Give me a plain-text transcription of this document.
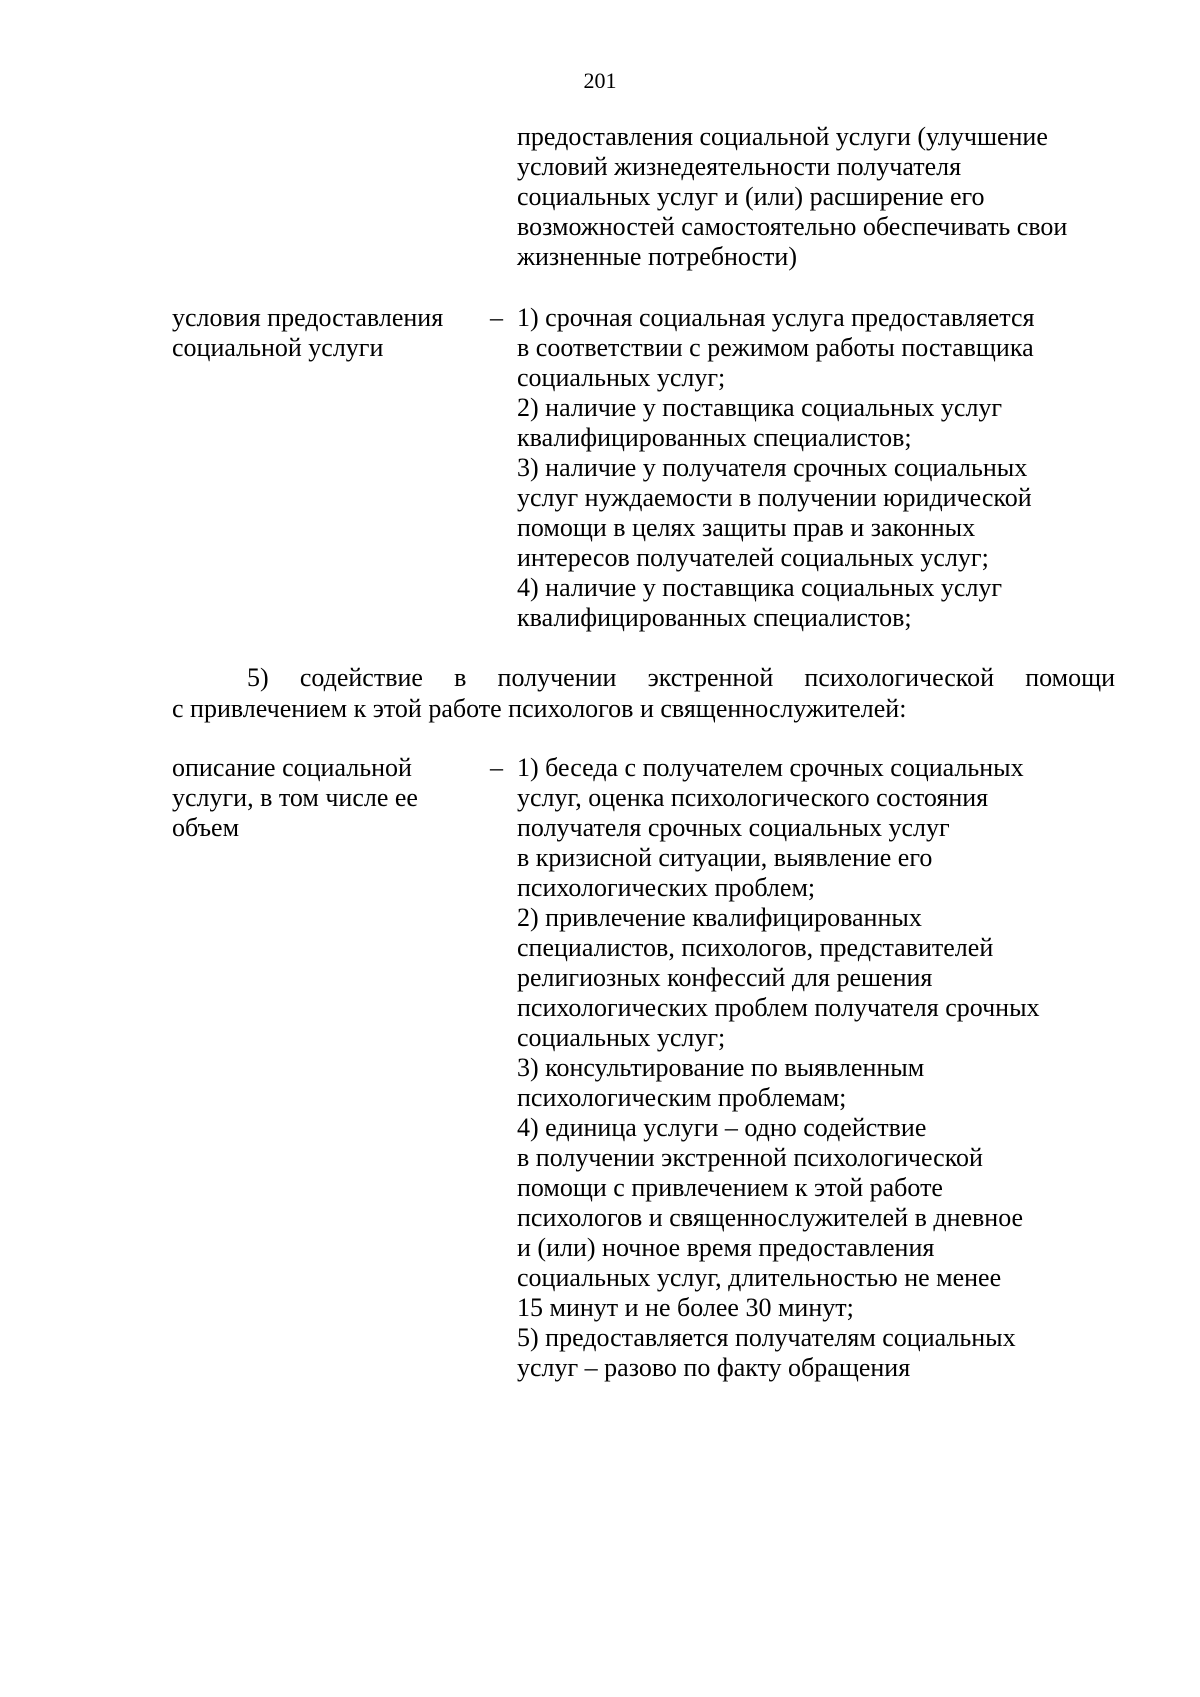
201
предоставления социальной услуги (улучшение
условий жизнедеятельности получателя
социальных услуг и (или) расширение его
возможностей самостоятельно обеспечивать свои
жизненные потребности)
условия предоставления
социальной услуги
– 1) срочная социальная услуга предоставляется
в соответствии с режимом работы поставщика
социальных услуг;
2) наличие у поставщика социальных услуг
квалифицированных специалистов;
3) наличие у получателя срочных социальных
услуг нуждаемости в получении юридической
помощи в целях защиты прав и законных
интересов получателей социальных услуг;
4) наличие у поставщика социальных услуг
квалифицированных специалистов;
5) содействие в получении экстренной психологической помощи
с привлечением к этой работе психологов и священнослужителей:
описание социальной
услуги, в том числе ее
объем
– 1) беседа с получателем срочных социальных
услуг, оценка психологического состояния
получателя срочных социальных услуг
в кризисной ситуации, выявление его
психологических проблем;
2) привлечение квалифицированных
специалистов, психологов, представителей
религиозных конфессий для решения
психологических проблем получателя срочных
социальных услуг;
3) консультирование по выявленным
психологическим проблемам;
4) единица услуги – одно содействие
в получении экстренной психологической
помощи с привлечением к этой работе
психологов и священнослужителей в дневное
и (или) ночное время предоставления
социальных услуг, длительностью не менее
15 минут и не более 30 минут;
5) предоставляется получателям социальных
услуг – разово по факту обращения
